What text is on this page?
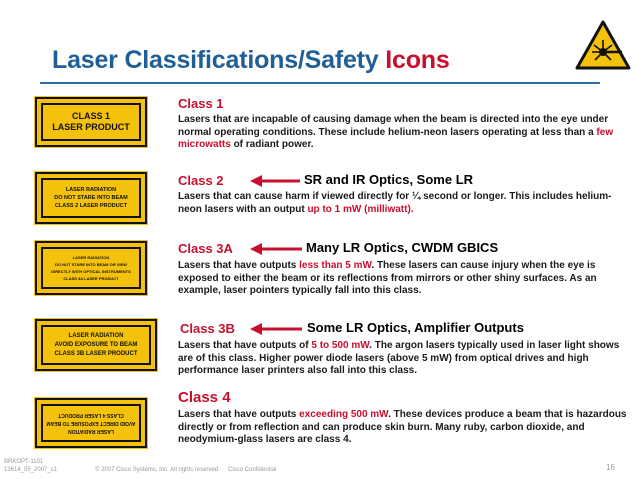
Laser Classifications/Safety Icons
CLASS 1
LASER PRODUCT
LASER RADIATION
DO NOT STARE INTO BEAM
CLASS 2 LASER PRODUCT
LASER RADIATION
DO NOT STARE INTO BEAM OR VIEW
DIRECTLY WITH OPTICAL INSTRUMENTS
CLASS 3A LASER PRODUCT
LASER RADIATION
AVOID EXPOSURE TO BEAM
CLASS 3B LASER PRODUCT
LASER RADIATION
AVOID DIRECT EXPOSURE TO BEAM
CLASS 4 LASER PRODUCT
Class 1
Lasers that are incapable of causing damage when the beam is directed into the eye under normal operating conditions. These include helium-neon lasers operating at less than a few microwatts of radiant power.
Class 2	SR and IR Optics, Some LR
Lasers that can cause harm if viewed directly for ¼ second or longer. This includes helium-neon lasers with an output up to 1 mW (milliwatt).
Class 3A	Many LR Optics, CWDM GBICS
Lasers that have outputs less than 5 mW. These lasers can cause injury when the eye is exposed to either the beam or its reflections from mirrors or other shiny surfaces. As an example, laser pointers typically fall into this class.
Class 3B	Some LR Optics, Amplifier Outputs
Lasers that have outputs of 5 to 500 mW. The argon lasers typically used in laser light shows are of this class. Higher power diode lasers (above 5 mW) from optical drives and high performance laser printers also fall into this class.
Class 4
Lasers that have outputs exceeding 500 mW. These devices produce a beam that is hazardous directly or from reflection and can produce skin burn. Many ruby, carbon dioxide, and neodymium-glass lasers are class 4.
BRKOPT-1101
13614_05_2007_c1	© 2007 Cisco Systems, Inc. All rights reserved. Cisco Confidential	16
